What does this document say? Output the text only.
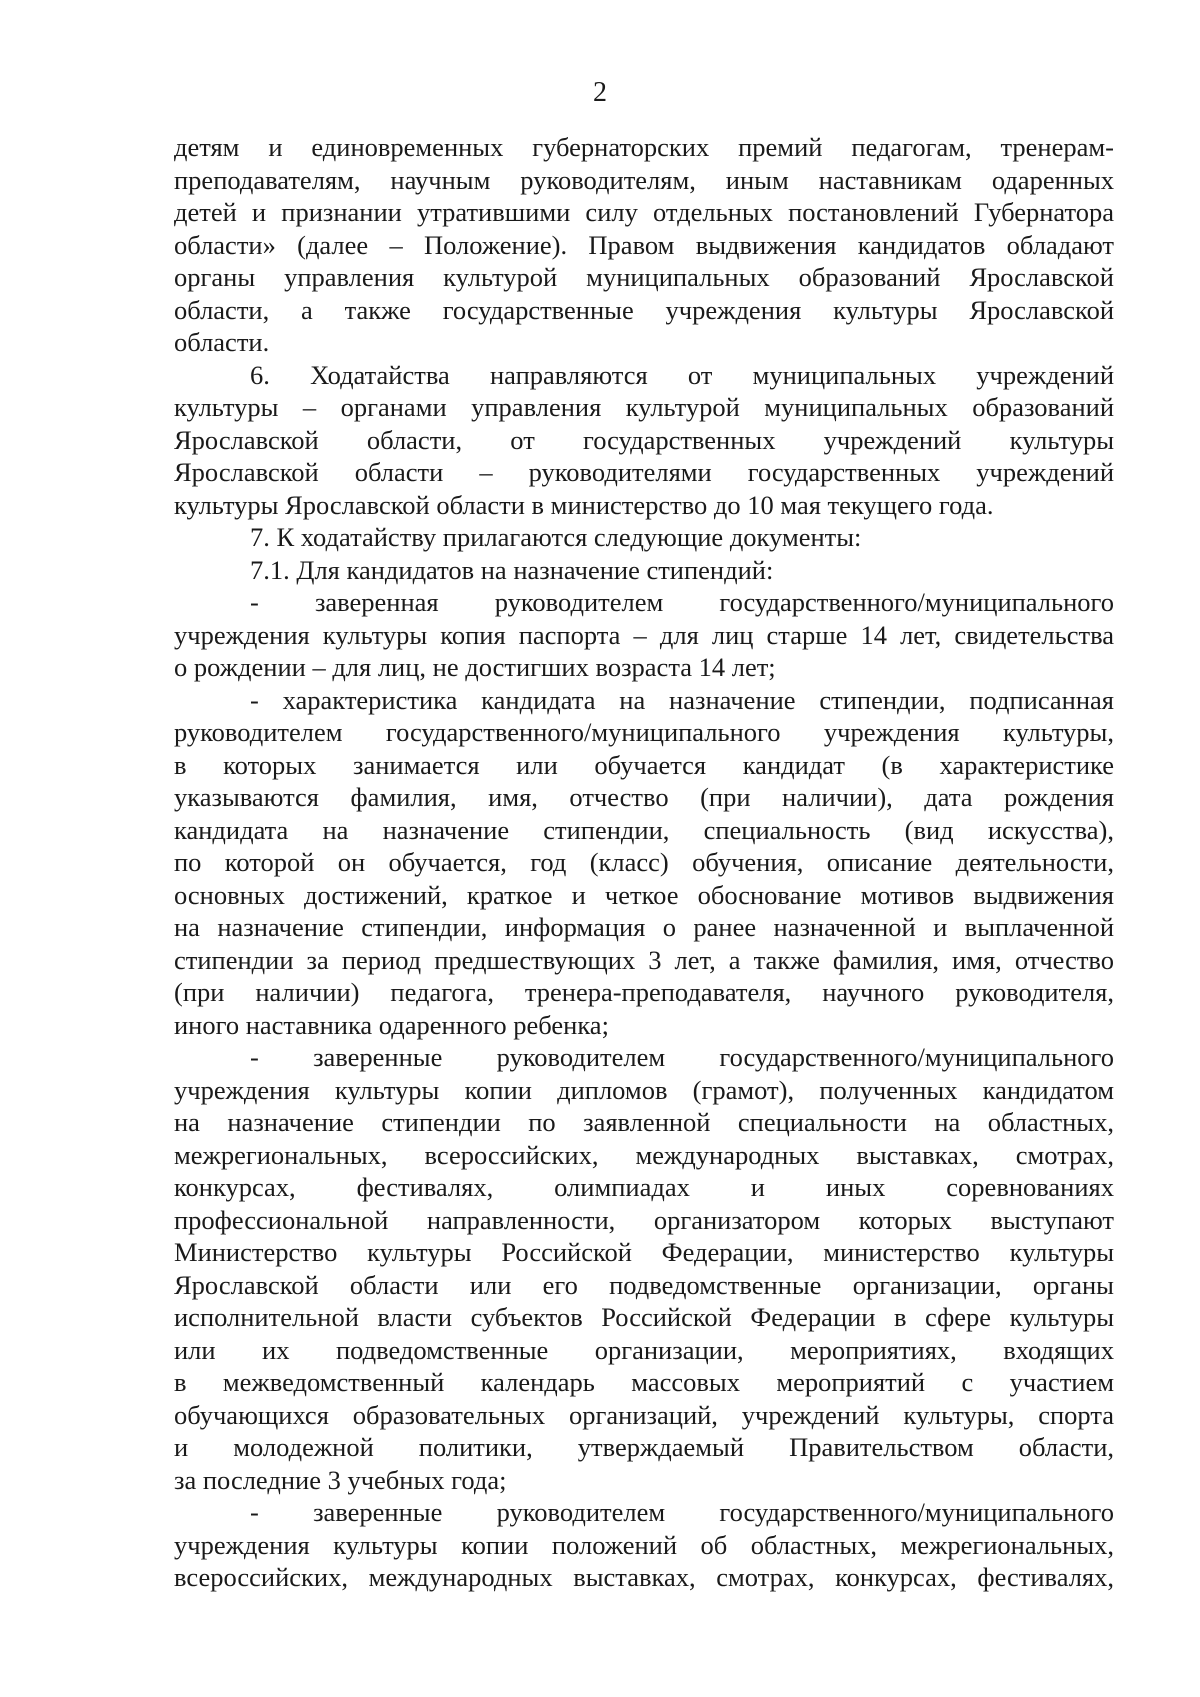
2
детям и единовременных губернаторских премий педагогам, тренерам-
преподавателям, научным руководителям, иным наставникам одаренных
детей и признании утратившими силу отдельных постановлений Губернатора
области» (далее – Положение). Правом выдвижения кандидатов обладают
органы управления культурой муниципальных образований Ярославской
области, а также государственные учреждения культуры Ярославской
области.
6. Ходатайства направляются от муниципальных учреждений
культуры – органами управления культурой муниципальных образований
Ярославской области, от государственных учреждений культуры
Ярославской области – руководителями государственных учреждений
культуры Ярославской области в министерство до 10 мая текущего года.
7. К ходатайству прилагаются следующие документы:
7.1. Для кандидатов на назначение стипендий:
- заверенная руководителем государственного/муниципального
учреждения культуры копия паспорта – для лиц старше 14 лет, свидетельства
о рождении – для лиц, не достигших возраста 14 лет;
- характеристика кандидата на назначение стипендии, подписанная
руководителем государственного/муниципального учреждения культуры,
в которых занимается или обучается кандидат (в характеристике
указываются фамилия, имя, отчество (при наличии), дата рождения
кандидата на назначение стипендии, специальность (вид искусства),
по которой он обучается, год (класс) обучения, описание деятельности,
основных достижений, краткое и четкое обоснование мотивов выдвижения
на назначение стипендии, информация о ранее назначенной и выплаченной
стипендии за период предшествующих 3 лет, а также фамилия, имя, отчество
(при наличии) педагога, тренера-преподавателя, научного руководителя,
иного наставника одаренного ребенка;
- заверенные руководителем государственного/муниципального
учреждения культуры копии дипломов (грамот), полученных кандидатом
на назначение стипендии по заявленной специальности на областных,
межрегиональных, всероссийских, международных выставках, смотрах,
конкурсах, фестивалях, олимпиадах и иных соревнованиях
профессиональной направленности, организатором которых выступают
Министерство культуры Российской Федерации, министерство культуры
Ярославской области или его подведомственные организации, органы
исполнительной власти субъектов Российской Федерации в сфере культуры
или их подведомственные организации, мероприятиях, входящих
в межведомственный календарь массовых мероприятий с участием
обучающихся образовательных организаций, учреждений культуры, спорта
и молодежной политики, утверждаемый Правительством области,
за последние 3 учебных года;
- заверенные руководителем государственного/муниципального
учреждения культуры копии положений об областных, межрегиональных,
всероссийских, международных выставках, смотрах, конкурсах, фестивалях,
